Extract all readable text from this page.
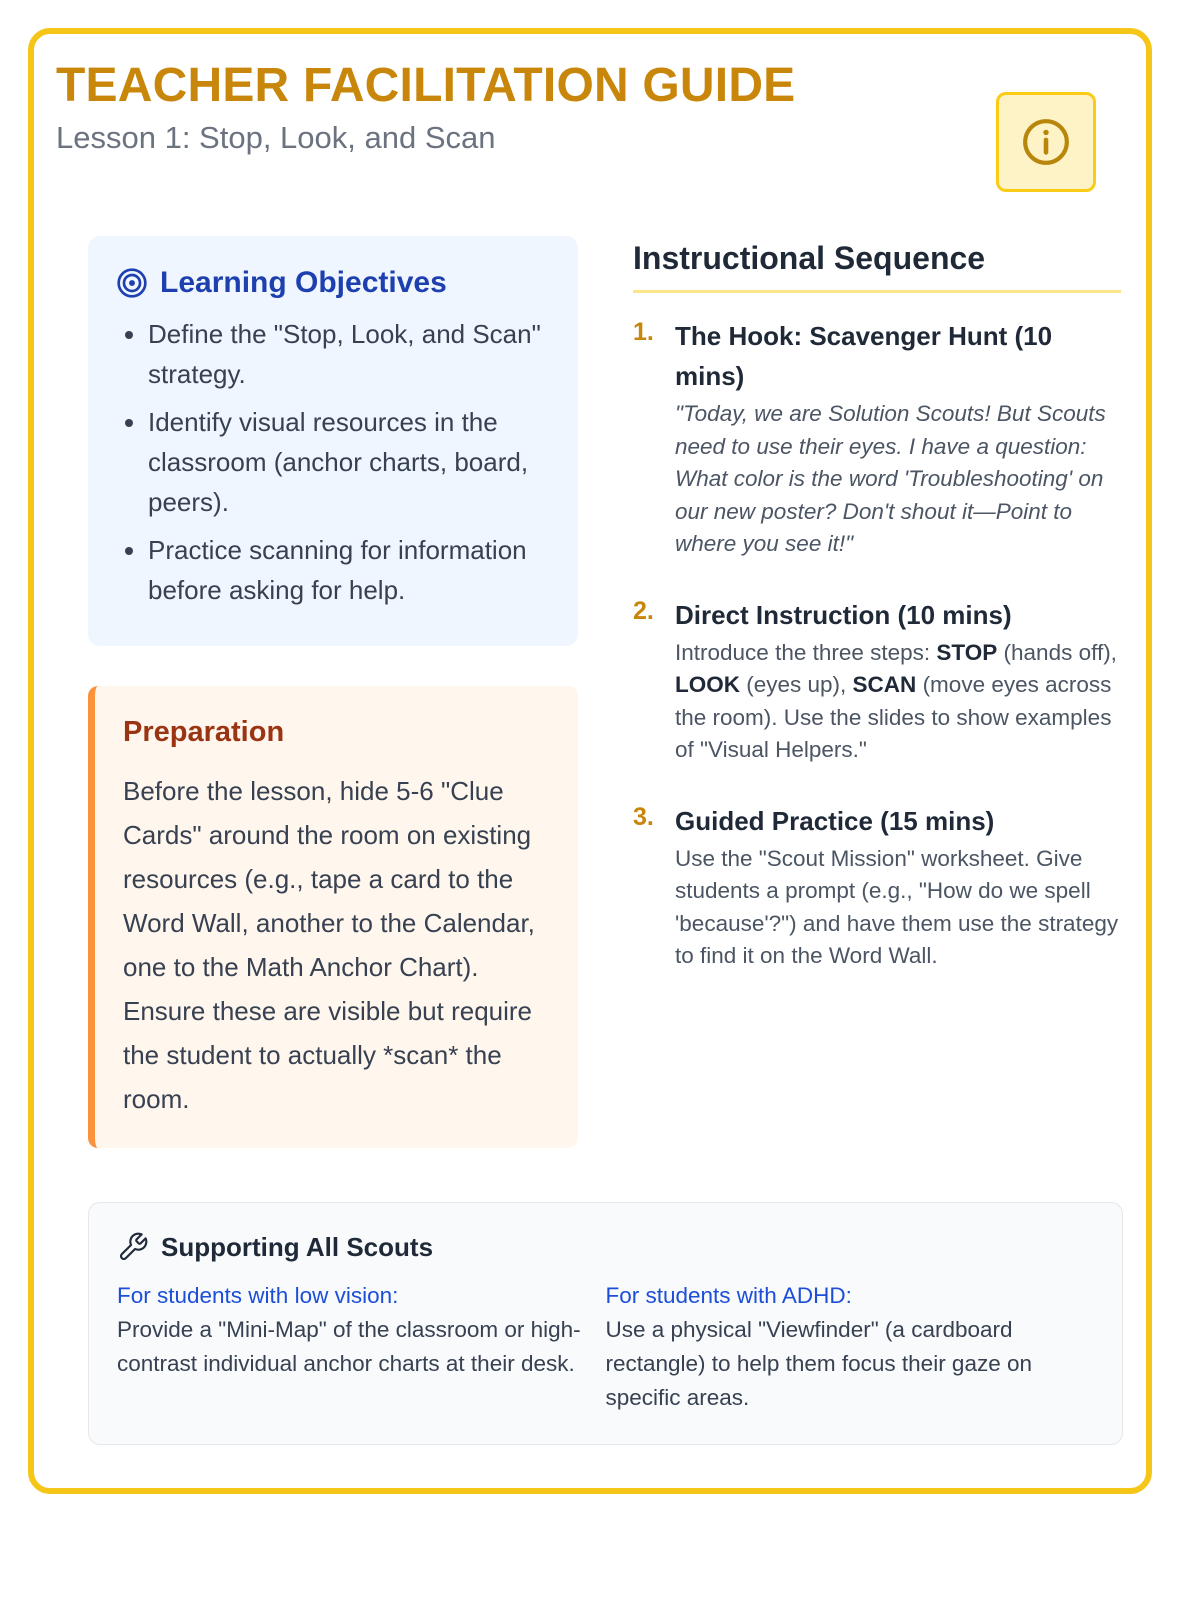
TEACHER FACILITATION GUIDE

Lesson 1: Stop, Look, and Scan

Learning Objectives
• Define the "Stop, Look, and Scan" strategy.
• Identify visual resources in the classroom (anchor charts, board, peers).
• Practice scanning for information before asking for help.
Preparation

Before the lesson, hide 5-6 "Clue Cards" around the room on existing resources (e.g., tape a card to the Word Wall, another to the Calendar, one to the Math Anchor Chart). Ensure these are visible but require the student to actually *scan* the room.

Instructional Sequence
1. The Hook: Scavenger Hunt (10 mins)

"Today, we are Solution Scouts! But Scouts need to use their eyes. I have a question: What color is the word 'Troubleshooting' on our new poster? Don't shout it—Point to where you see it!"

2. Direct Instruction (10 mins)

Introduce the three steps: STOP (hands off), LOOK (eyes up), SCAN (move eyes across the room). Use the slides to show examples of "Visual Helpers."

3. Guided Practice (15 mins)

Use the "Scout Mission" worksheet. Give students a prompt (e.g., "How do we spell 'because'?") and have them use the strategy to find it on the Word Wall.

Supporting All Scouts

For students with low vision:

Provide a "Mini-Map" of the classroom or high-contrast individual anchor charts at their desk.

For students with ADHD:

Use a physical "Viewfinder" (a cardboard rectangle) to help them focus their gaze on specific areas.
